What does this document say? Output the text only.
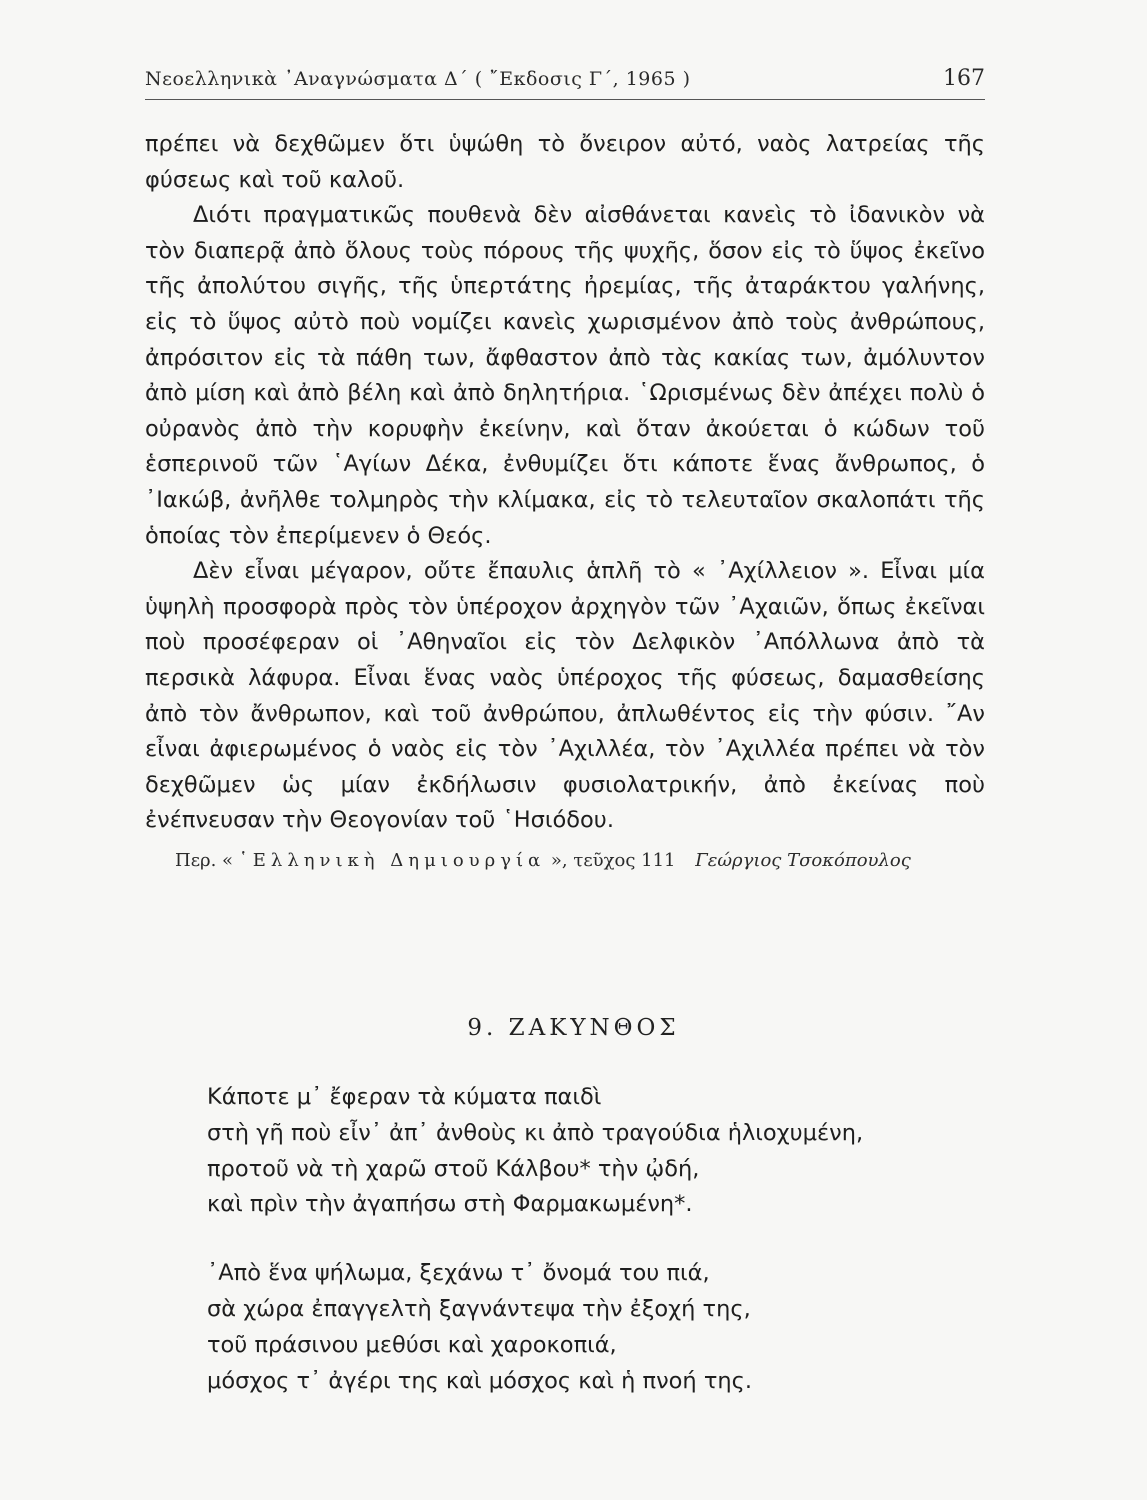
Νεοελληνικὰ ᾿Αναγνώσματα Δ΄ ( ῎Εκδοσις Γ΄, 1965 )	167

πρέπει νὰ δεχθῶμεν ὅτι ὑψώθη τὸ ὄνειρον αὐτό, ναὸς λατρείας τῆς φύσεως καὶ τοῦ καλοῦ.

Διότι πραγματικῶς πουθενὰ δὲν αἰσθάνεται κανεὶς τὸ ἰδανικὸν νὰ τὸν διαπερᾷ ἀπὸ ὅλους τοὺς πόρους τῆς ψυχῆς, ὅσον εἰς τὸ ὕψος ἐκεῖνο τῆς ἀπολύτου σιγῆς, τῆς ὑπερτάτης ἠρεμίας, τῆς ἀταράκτου γαλήνης, εἰς τὸ ὕψος αὐτὸ ποὺ νομίζει κανεὶς χωρισμένον ἀπὸ τοὺς ἀνθρώπους, ἀπρόσιτον εἰς τὰ πάθη των, ἄφθαστον ἀπὸ τὰς κακίας των, ἀμόλυντον ἀπὸ μίση καὶ ἀπὸ βέλη καὶ ἀπὸ δηλητήρια. ῾Ωρισμένως δὲν ἀπέχει πολὺ ὁ οὐρανὸς ἀπὸ τὴν κορυφὴν ἐκείνην, καὶ ὅταν ἀκούεται ὁ κώδων τοῦ ἑσπερινοῦ τῶν ῾Αγίων Δέκα, ἐνθυμίζει ὅτι κάποτε ἕνας ἄνθρωπος, ὁ ᾿Ιακώβ, ἀνῆλθε τολμηρὸς τὴν κλίμακα, εἰς τὸ τελευταῖον σκαλοπάτι τῆς ὁποίας τὸν ἐπερίμενεν ὁ Θεός.

Δὲν εἶναι μέγαρον, οὔτε ἔπαυλις ἁπλῆ τὸ « ᾿Αχίλλειον ». Εἶναι μία ὑψηλὴ προσφορὰ πρὸς τὸν ὑπέροχον ἀρχηγὸν τῶν ᾿Αχαιῶν, ὅπως ἐκεῖναι ποὺ προσέφεραν οἱ ᾿Αθηναῖοι εἰς τὸν Δελφικὸν ᾿Απόλλωνα ἀπὸ τὰ περσικὰ λάφυρα. Εἶναι ἕνας ναὸς ὑπέροχος τῆς φύσεως, δαμασθείσης ἀπὸ τὸν ἄνθρωπον, καὶ τοῦ ἀνθρώπου, ἀπλωθέντος εἰς τὴν φύσιν. ῎Αν εἶναι ἀφιερωμένος ὁ ναὸς εἰς τὸν ᾿Αχιλλέα, τὸν ᾿Αχιλλέα πρέπει νὰ τὸν δεχθῶμεν ὡς μίαν ἐκδήλωσιν φυσιολατρικήν, ἀπὸ ἐκείνας ποὺ ἐνέπνευσαν τὴν Θεογονίαν τοῦ ῾Ησιόδου.

Περ. « ῾Ελληνικὴ Δημιουργία », τεῦχος 111 Γεώργιος Τσοκόπουλος
9. ΖΑΚΥΝΘΟΣ
Κάποτε μ᾿ ἔφεραν τὰ κύματα παιδὶ
στὴ γῆ ποὺ εἶν᾿ ἀπ᾿ ἀνθοὺς κι ἀπὸ τραγούδια ἡλιοχυμένη,
προτοῦ νὰ τὴ χαρῶ στοῦ Κάλβου* τὴν ᾠδή,
καὶ πρὶν τὴν ἀγαπήσω στὴ Φαρμακωμένη*.
᾿Απὸ ἕνα ψήλωμα, ξεχάνω τ᾿ ὄνομά του πιά,
σὰ χώρα ἐπαγγελτὴ ξαγνάντεψα τὴν ἐξοχή της,
τοῦ πράσινου μεθύσι καὶ χαροκοπιά,
μόσχος τ᾿ ἀγέρι της καὶ μόσχος καὶ ἡ πνοή της.
